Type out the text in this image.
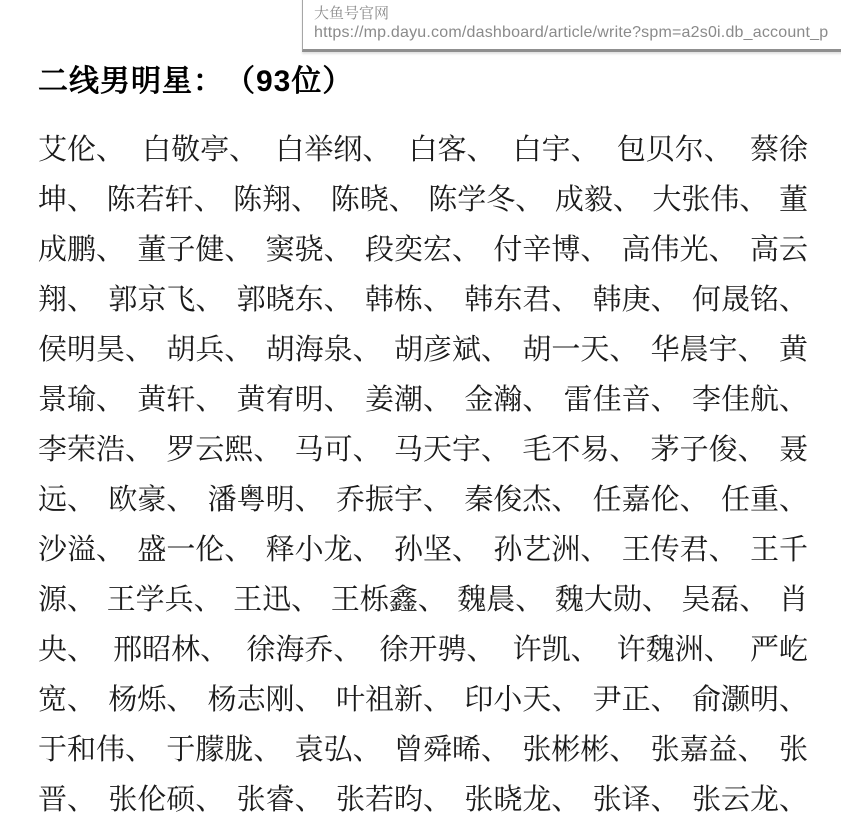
大鱼号官网
https://mp.dayu.com/dashboard/article/write?spm=a2s0i.db_account_p
二线男明星：　（93位）
艾伦、 白敬亭、 白举纲、 白客、 白宇、 包贝尔、 蔡徐
坤、 陈若轩、 陈翔、 陈晓、 陈学冬、 成毅、 大张伟、 董
成鹏、 董子健、 窦骁、 段奕宏、 付辛博、 高伟光、 高云
翔、 郭京飞、 郭晓东、 韩栋、 韩东君、 韩庚、 何晟铭、
侯明昊、 胡兵、 胡海泉、 胡彦斌、 胡一天、 华晨宇、 黄
景瑜、 黄轩、 黄宥明、 姜潮、 金瀚、 雷佳音、 李佳航、
李荣浩、 罗云熙、 马可、 马天宇、 毛不易、 茅子俊、 聂
远、 欧豪、 潘粤明、 乔振宇、 秦俊杰、 任嘉伦、 任重、
沙溢、 盛一伦、 释小龙、 孙坚、 孙艺洲、 王传君、 王千
源、 王学兵、 王迅、 王栎鑫、 魏晨、 魏大勋、 吴磊、 肖
央、 邢昭林、 徐海乔、 徐开骋、 许凯、 许魏洲、 严屹
宽、 杨烁、 杨志刚、 叶祖新、 印小天、 尹正、 俞灏明、
于和伟、 于朦胧、 袁弘、 曾舜晞、 张彬彬、 张嘉益、 张
晋、 张伦硕、 张睿、 张若昀、 张晓龙、 张译、 张云龙、
